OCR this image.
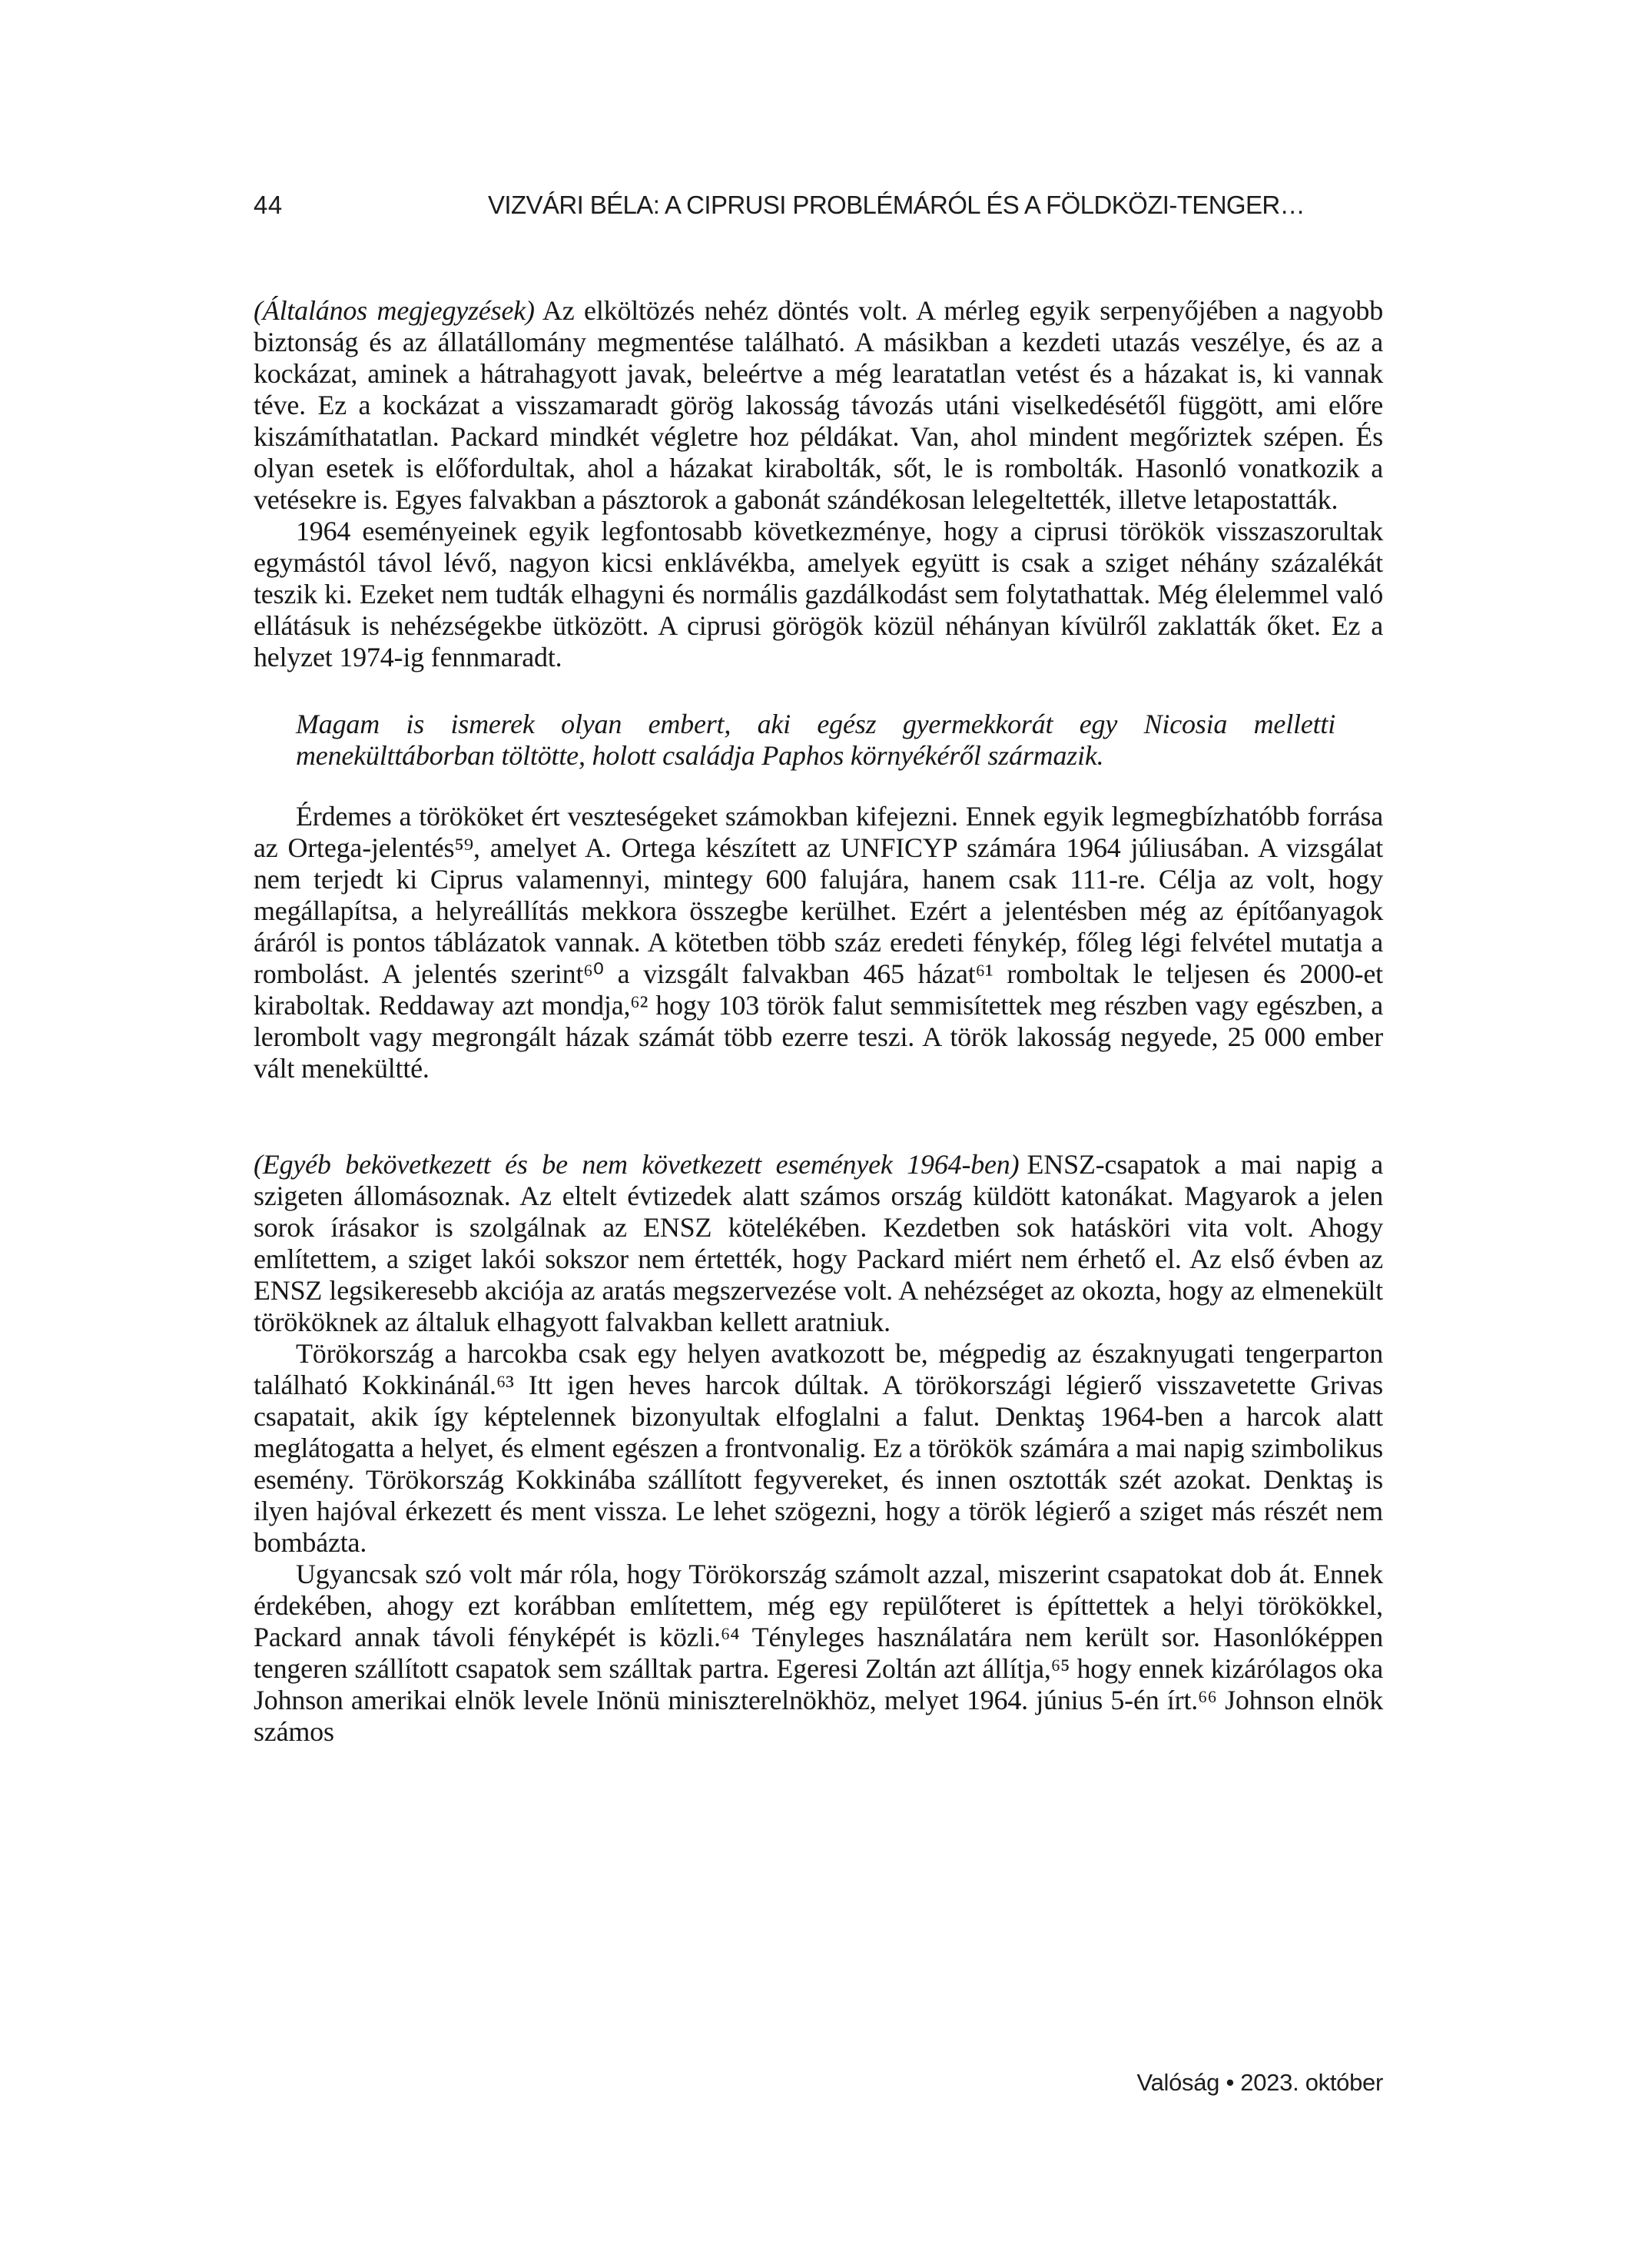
44	VIZVÁRI BÉLA: A CIPRUSI PROBLÉMÁRÓL ÉS A FÖLDKÖZI-TENGER…

(Általános megjegyzések) Az elköltözés nehéz döntés volt. A mérleg egyik serpenyőjében a nagyobb biztonság és az állatállomány megmentése található. A másikban a kezdeti utazás veszélye, és az a kockázat, aminek a hátrahagyott javak, beleértve a még learatatlan vetést és a házakat is, ki vannak téve. Ez a kockázat a visszamaradt görög lakosság távozás utáni viselkedésétől függött, ami előre kiszámíthatatlan. Packard mindkét végletre hoz példákat. Van, ahol mindent megőriztek szépen. És olyan esetek is előfordultak, ahol a házakat kirabolták, sőt, le is rombolták. Hasonló vonatkozik a vetésekre is. Egyes falvakban a pásztorok a gabonát szándékosan lelegeltették, illetve letapostatták.

1964 eseményeinek egyik legfontosabb következménye, hogy a ciprusi törökök visszaszorultak egymástól távol lévő, nagyon kicsi enklávékba, amelyek együtt is csak a sziget néhány százalékát teszik ki. Ezeket nem tudták elhagyni és normális gazdálkodást sem folytathattak. Még élelemmel való ellátásuk is nehézségekbe ütközött. A ciprusi görögök közül néhányan kívülről zaklatták őket. Ez a helyzet 1974-ig fennmaradt.

Magam is ismerek olyan embert, aki egész gyermekkorát egy Nicosia melletti menekülttáborban töltötte, holott családja Paphos környékéről származik.

Érdemes a törököket ért veszteségeket számokban kifejezni. Ennek egyik legmegbízhatóbb forrása az Ortega-jelentés⁵⁹, amelyet A. Ortega készített az UNFICYP számára 1964 júliusában. A vizsgálat nem terjedt ki Ciprus valamennyi, mintegy 600 falujára, hanem csak 111-re. Célja az volt, hogy megállapítsa, a helyreállítás mekkora összegbe kerülhet. Ezért a jelentésben még az építőanyagok áráról is pontos táblázatok vannak. A kötetben több száz eredeti fénykép, főleg légi felvétel mutatja a rombolást. A jelentés szerint⁶⁰ a vizsgált falvakban 465 házat⁶¹ romboltak le teljesen és 2000-et kiraboltak. Reddaway azt mondja,⁶² hogy 103 török falut semmisítettek meg részben vagy egészben, a lerombolt vagy megrongált házak számát több ezerre teszi. A török lakosság negyede, 25 000 ember vált menekültté.

(Egyéb bekövetkezett és be nem következett események 1964-ben) ENSZ-csapatok a mai napig a szigeten állomásoznak. Az eltelt évtizedek alatt számos ország küldött katonákat. Magyarok a jelen sorok írásakor is szolgálnak az ENSZ kötelékében. Kezdetben sok hatásköri vita volt. Ahogy említettem, a sziget lakói sokszor nem értették, hogy Packard miért nem érhető el. Az első évben az ENSZ legsikeresebb akciója az aratás megszervezése volt. A nehézséget az okozta, hogy az elmenekült törököknek az általuk elhagyott falvakban kellett aratniuk.

Törökország a harcokba csak egy helyen avatkozott be, mégpedig az északnyugati tengerparton található Kokkinánál.⁶³ Itt igen heves harcok dúltak. A törökországi légierő visszavetette Grivas csapatait, akik így képtelennek bizonyultak elfoglalni a falut. Denktaş 1964-ben a harcok alatt meglátogatta a helyet, és elment egészen a frontvonalig. Ez a törökök számára a mai napig szimbolikus esemény. Törökország Kokkinába szállított fegyvereket, és innen osztották szét azokat. Denktaş is ilyen hajóval érkezett és ment vissza. Le lehet szögezni, hogy a török légierő a sziget más részét nem bombázta.

Ugyancsak szó volt már róla, hogy Törökország számolt azzal, miszerint csapatokat dob át. Ennek érdekében, ahogy ezt korábban említettem, még egy repülőteret is építtettek a helyi törökökkel, Packard annak távoli fényképét is közli.⁶⁴ Tényleges használatára nem került sor. Hasonlóképpen tengeren szállított csapatok sem szálltak partra. Egeresi Zoltán azt állítja,⁶⁵ hogy ennek kizárólagos oka Johnson amerikai elnök levele Inönü miniszterelnökhöz, melyet 1964. június 5-én írt.⁶⁶ Johnson elnök számos

Valóság • 2023. október
